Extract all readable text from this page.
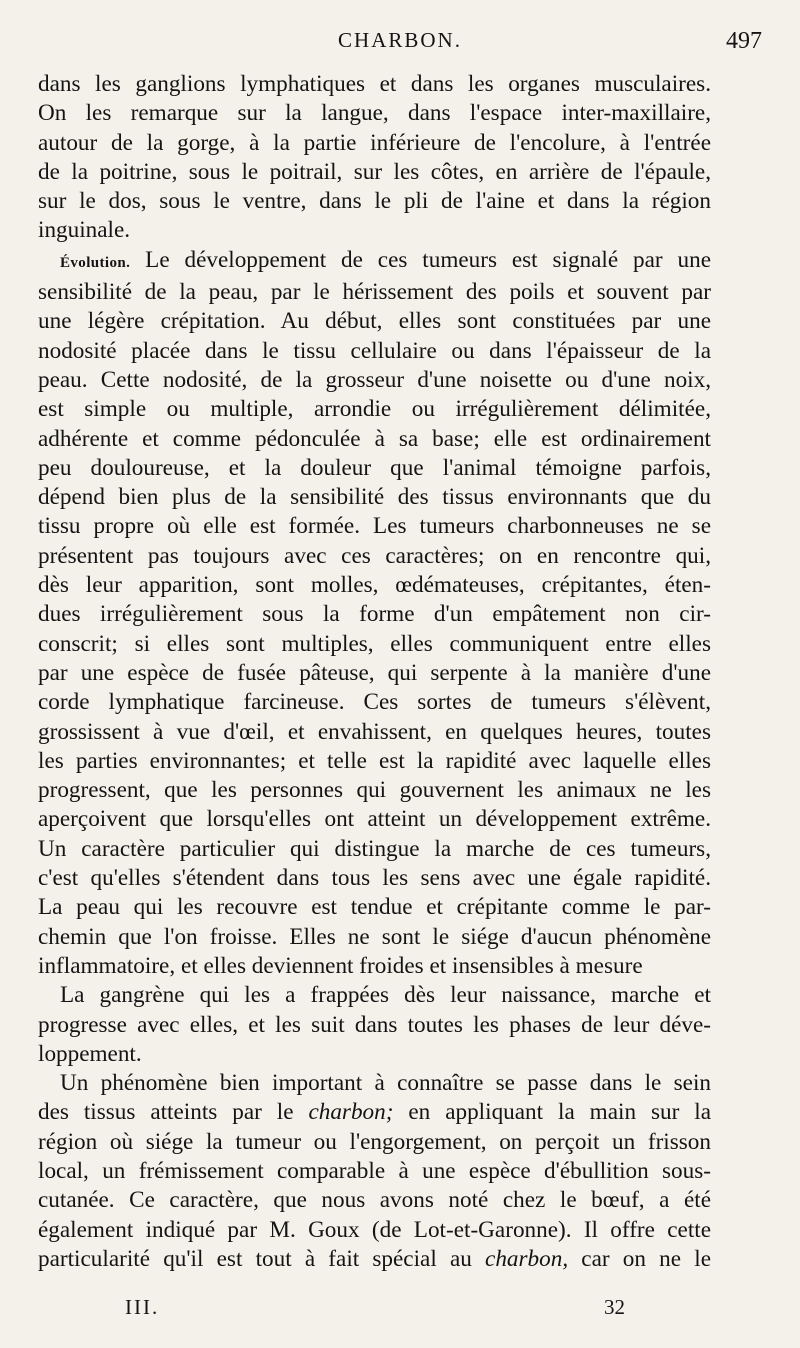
CHARBON.	497
dans les ganglions lymphatiques et dans les organes musculaires.
On les remarque sur la langue, dans l'espace inter-maxillaire,
autour de la gorge, à la partie inférieure de l'encolure, à l'entrée
de la poitrine, sous le poitrail, sur les côtes, en arrière de l'épaule,
sur le dos, sous le ventre, dans le pli de l'aine et dans la région
inguinale.
Évolution. Le développement de ces tumeurs est signalé par une
sensibilité de la peau, par le hérissement des poils et souvent par
une légère crépitation. Au début, elles sont constituées par une
nodosité placée dans le tissu cellulaire ou dans l'épaisseur de la
peau. Cette nodosité, de la grosseur d'une noisette ou d'une noix,
est simple ou multiple, arrondie ou irrégulièrement délimitée,
adhérente et comme pédonculée à sa base; elle est ordinairement
peu douloureuse, et la douleur que l'animal témoigne parfois,
dépend bien plus de la sensibilité des tissus environnants que du
tissu propre où elle est formée. Les tumeurs charbonneuses ne se
présentent pas toujours avec ces caractères; on en rencontre qui,
dès leur apparition, sont molles, œdémateuses, crépitantes, éten-
dues irrégulièrement sous la forme d'un empâtement non cir-
conscrit; si elles sont multiples, elles communiquent entre elles
par une espèce de fusée pâteuse, qui serpente à la manière d'une
corde lymphatique farcineuse. Ces sortes de tumeurs s'élèvent,
grossissent à vue d'œil, et envahissent, en quelques heures, toutes
les parties environnantes; et telle est la rapidité avec laquelle elles
progressent, que les personnes qui gouvernent les animaux ne les
aperçoivent que lorsqu'elles ont atteint un développement extrême.
Un caractère particulier qui distingue la marche de ces tumeurs,
c'est qu'elles s'étendent dans tous les sens avec une égale rapidité.
La peau qui les recouvre est tendue et crépitante comme le par-
chemin que l'on froisse. Elles ne sont le siége d'aucun phénomène
inflammatoire, et elles deviennent froides et insensibles à mesure
La gangrène qui les a frappées dès leur naissance, marche et
progresse avec elles, et les suit dans toutes les phases de leur déve-
loppement.
Un phénomène bien important à connaître se passe dans le sein
des tissus atteints par le charbon; en appliquant la main sur la
région où siége la tumeur ou l'engorgement, on perçoit un frisson
local, un frémissement comparable à une espèce d'ébullition sous-
cutanée. Ce caractère, que nous avons noté chez le bœuf, a été
également indiqué par M. Goux (de Lot-et-Garonne). Il offre cette
particularité qu'il est tout à fait spécial au charbon, car on ne le
III.	32
